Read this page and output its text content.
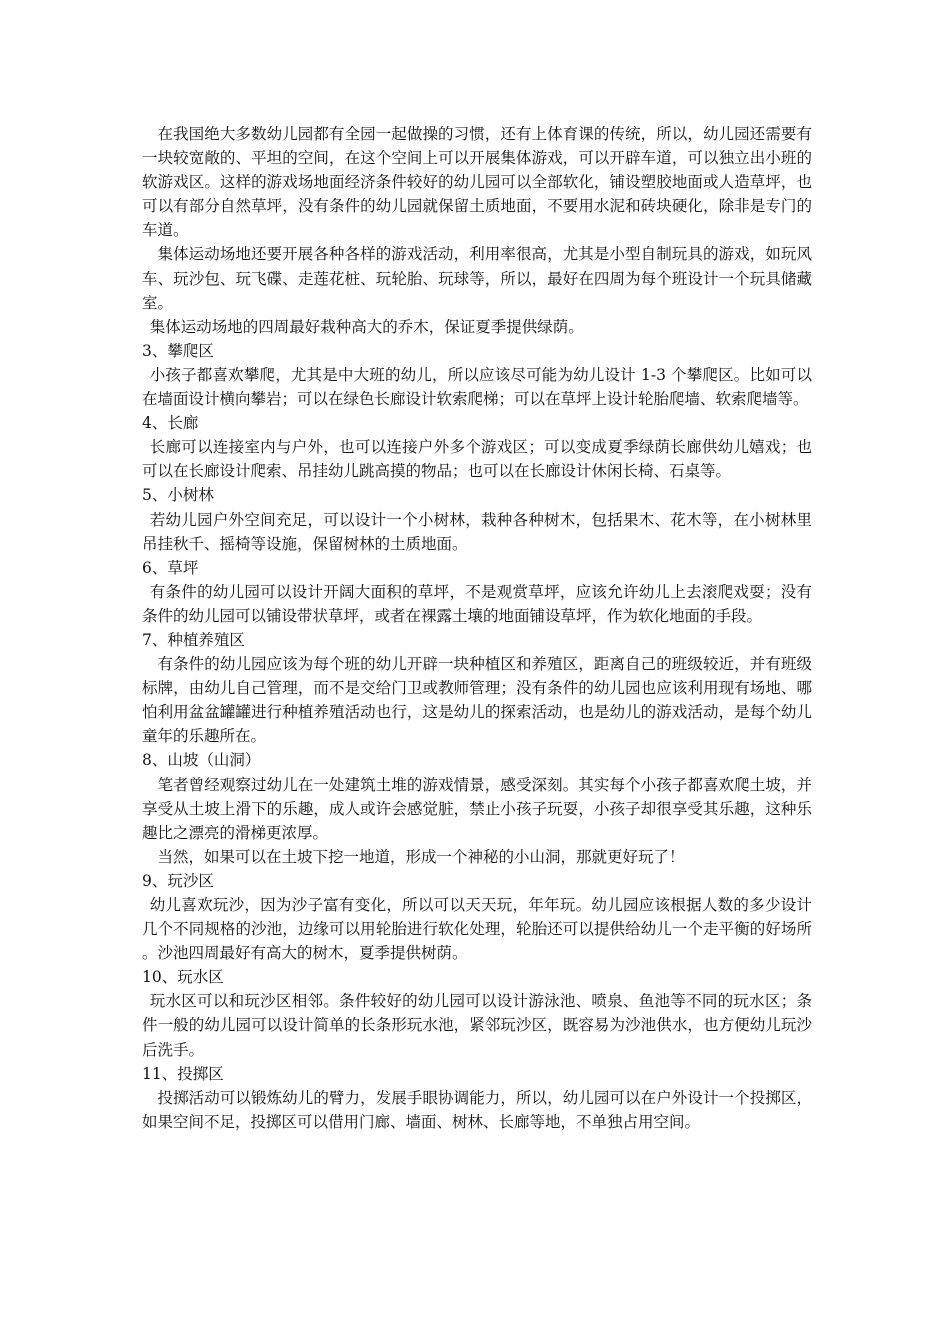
在我国绝大多数幼儿园都有全园一起做操的习惯，还有上体育课的传统，所以，幼儿园还需要有一块较宽敞的、平坦的空间，在这个空间上可以开展集体游戏，可以开辟车道，可以独立出小班的软游戏区。这样的游戏场地面经济条件较好的幼儿园可以全部软化，铺设塑胶地面或人造草坪，也可以有部分自然草坪，没有条件的幼儿园就保留土质地面，不要用水泥和砖块硬化，除非是专门的车道。

集体运动场地还要开展各种各样的游戏活动，利用率很高，尤其是小型自制玩具的游戏，如玩风车、玩沙包、玩飞碟、走莲花桩、玩轮胎、玩球等，所以，最好在四周为每个班设计一个玩具储藏室。

集体运动场地的四周最好栽种高大的乔木，保证夏季提供绿荫。

3、攀爬区

小孩子都喜欢攀爬，尤其是中大班的幼儿，所以应该尽可能为幼儿设计 1-3 个攀爬区。比如可以在墙面设计横向攀岩；可以在绿色长廊设计软索爬梯；可以在草坪上设计轮胎爬墙、软索爬墙等。

4、长廊

长廊可以连接室内与户外，也可以连接户外多个游戏区；可以变成夏季绿荫长廊供幼儿嬉戏；也可以在长廊设计爬索、吊挂幼儿跳高摸的物品；也可以在长廊设计休闲长椅、石桌等。

5、小树林

若幼儿园户外空间充足，可以设计一个小树林，栽种各种树木，包括果木、花木等，在小树林里吊挂秋千、摇椅等设施，保留树林的土质地面。

6、草坪

有条件的幼儿园可以设计开阔大面积的草坪，不是观赏草坪，应该允许幼儿上去滚爬戏耍；没有条件的幼儿园可以铺设带状草坪，或者在裸露土壤的地面铺设草坪，作为软化地面的手段。

7、种植养殖区

有条件的幼儿园应该为每个班的幼儿开辟一块种植区和养殖区，距离自己的班级较近，并有班级标牌，由幼儿自己管理，而不是交给门卫或教师管理；没有条件的幼儿园也应该利用现有场地、哪怕利用盆盆罐罐进行种植养殖活动也行，这是幼儿的探索活动，也是幼儿的游戏活动，是每个幼儿童年的乐趣所在。

8、山坡（山洞）

笔者曾经观察过幼儿在一处建筑土堆的游戏情景，感受深刻。其实每个小孩子都喜欢爬土坡，并享受从土坡上滑下的乐趣，成人或许会感觉脏，禁止小孩子玩耍，小孩子却很享受其乐趣，这种乐趣比之漂亮的滑梯更浓厚。

当然，如果可以在土坡下挖一地道，形成一个神秘的小山洞，那就更好玩了！

9、玩沙区

幼儿喜欢玩沙，因为沙子富有变化，所以可以天天玩，年年玩。幼儿园应该根据人数的多少设计几个不同规格的沙池，边缘可以用轮胎进行软化处理，轮胎还可以提供给幼儿一个走平衡的好场所。沙池四周最好有高大的树木，夏季提供树荫。

10、玩水区

玩水区可以和玩沙区相邻。条件较好的幼儿园可以设计游泳池、喷泉、鱼池等不同的玩水区；条件一般的幼儿园可以设计简单的长条形玩水池，紧邻玩沙区，既容易为沙池供水，也方便幼儿玩沙后洗手。

11、投掷区

投掷活动可以锻炼幼儿的臂力，发展手眼协调能力，所以，幼儿园可以在户外设计一个投掷区，如果空间不足，投掷区可以借用门廊、墙面、树林、长廊等地，不单独占用空间。
